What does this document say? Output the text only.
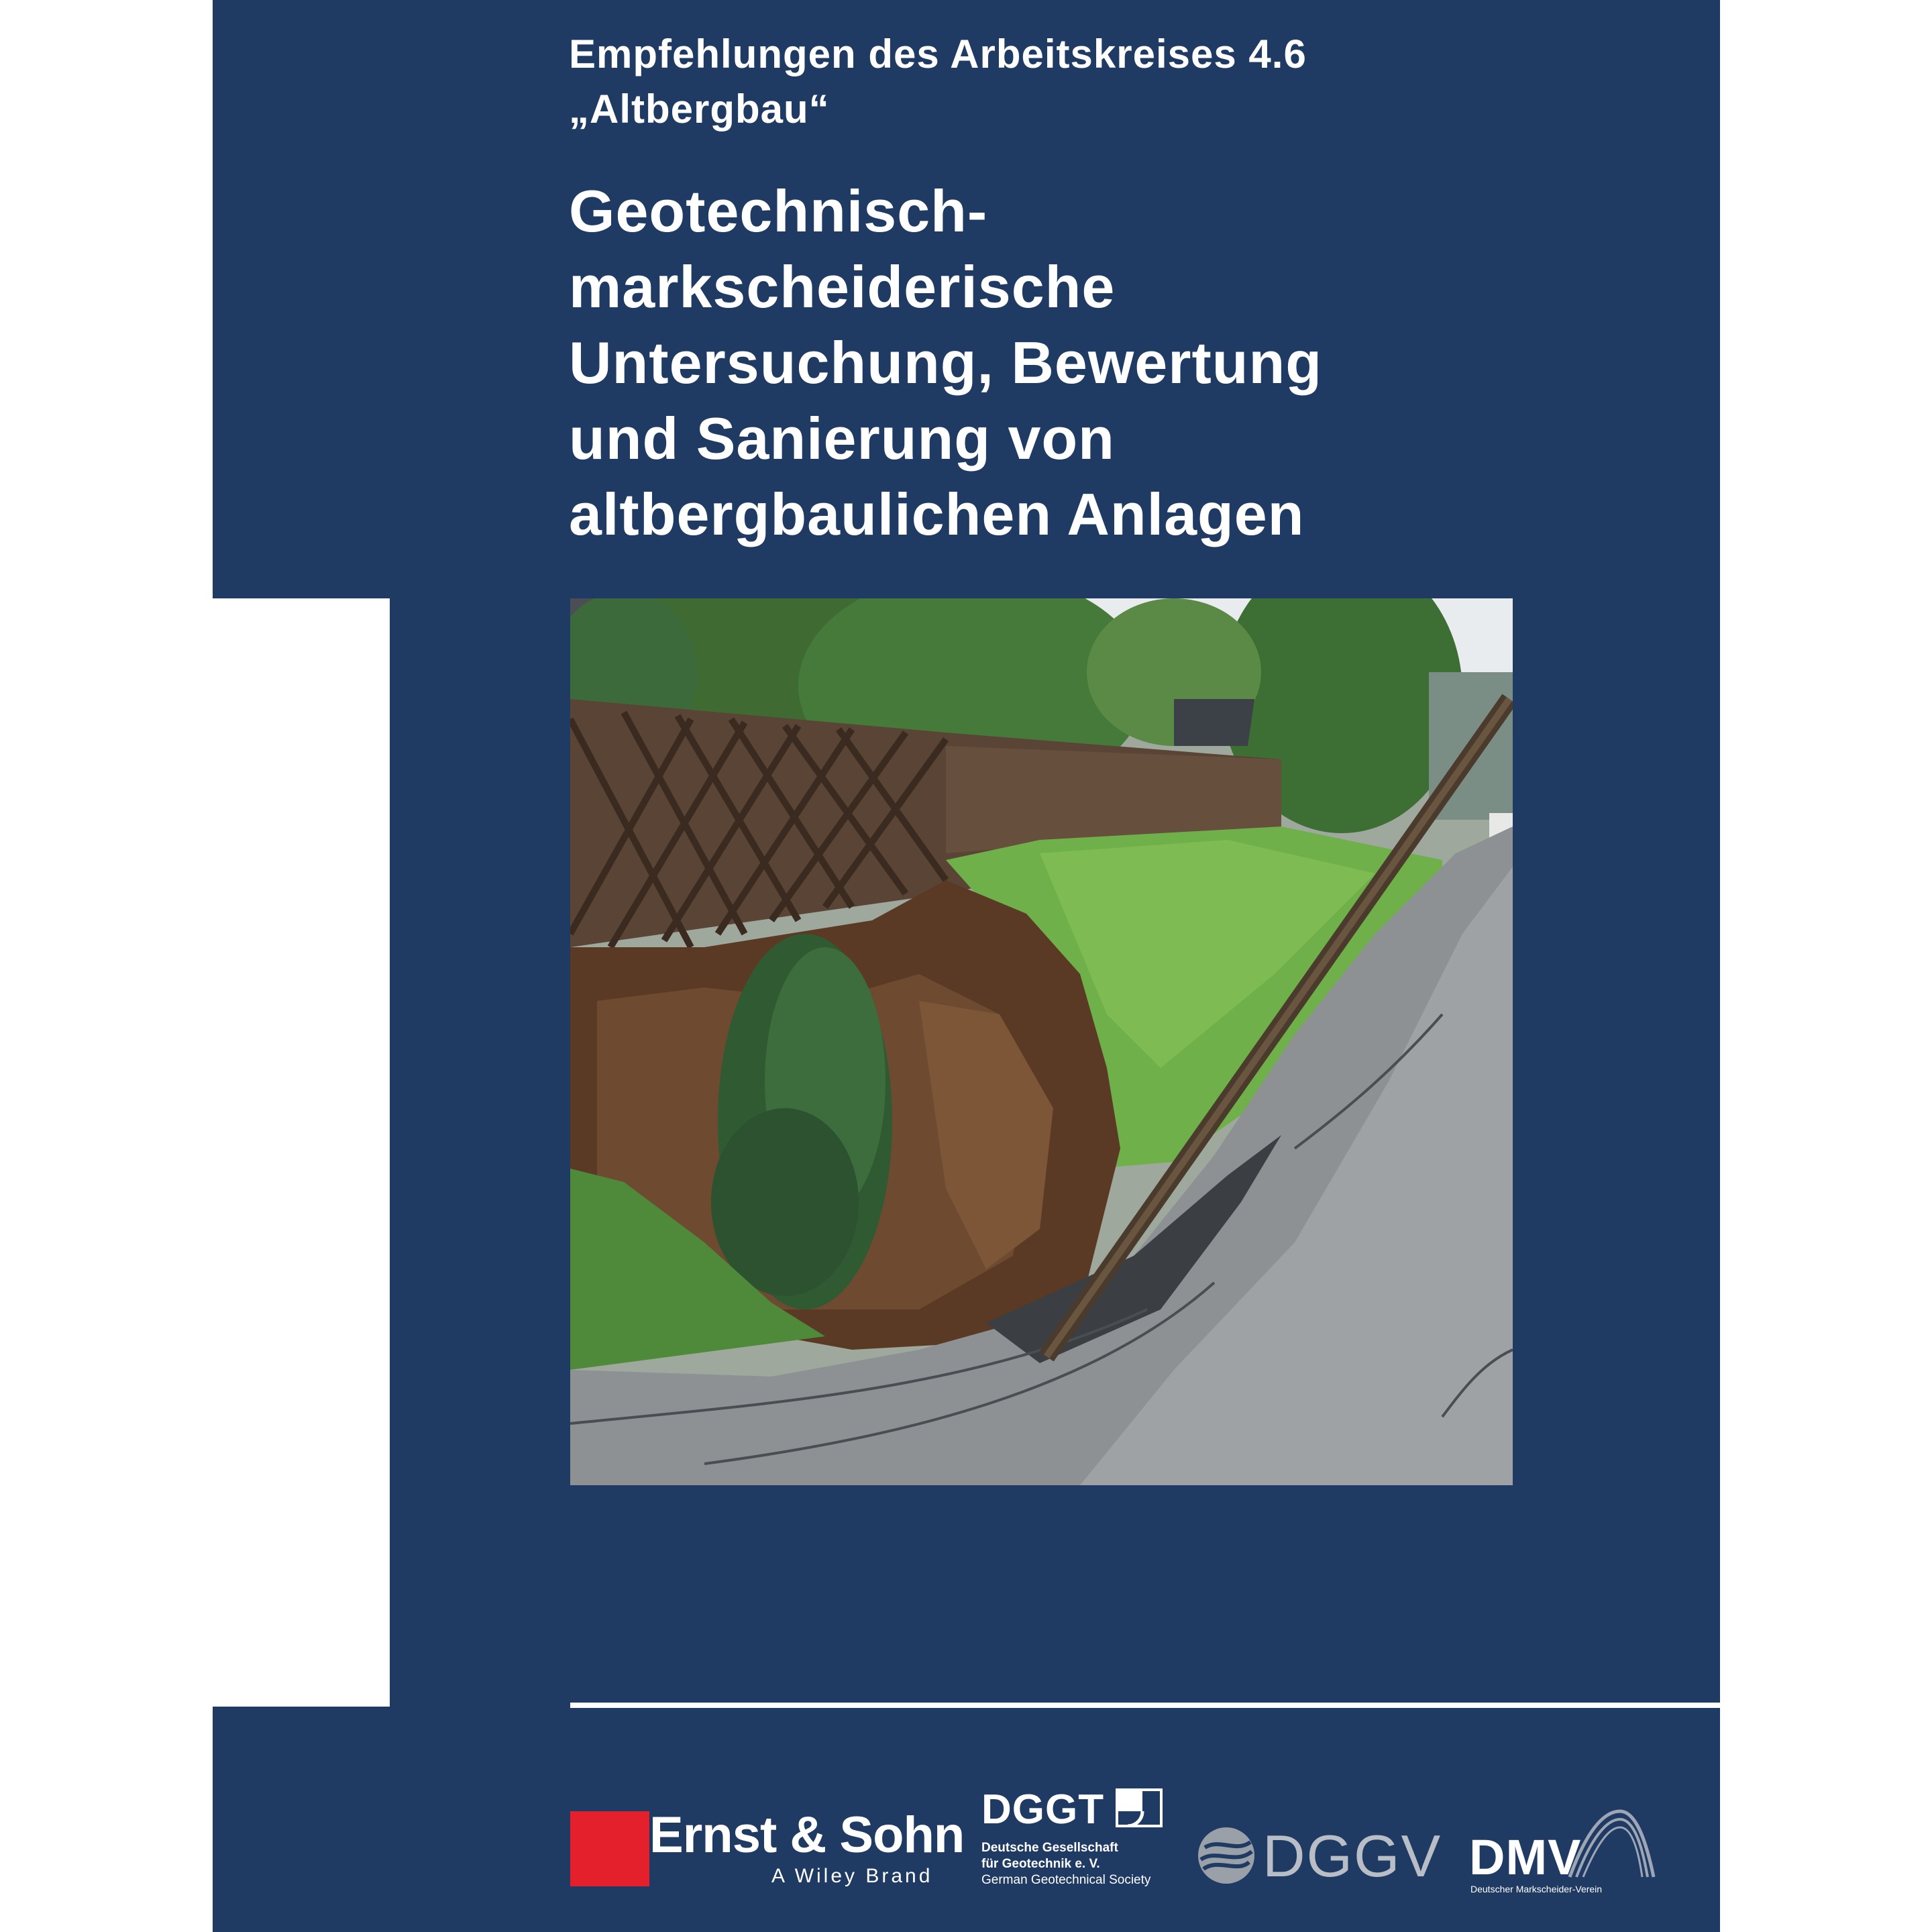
Empfehlungen des Arbeitskreises 4.6
„Altbergbau“
Geotechnisch-
markscheiderische
Untersuchung, Bewertung
und Sanierung von
altbergbaulichen Anlagen
Ernst & Sohn
A Wiley Brand
DGGT
Deutsche Gesellschaft
für Geotechnik e. V.
German Geotechnical Society DGGV DMV
Deutscher Markscheider-Verein
